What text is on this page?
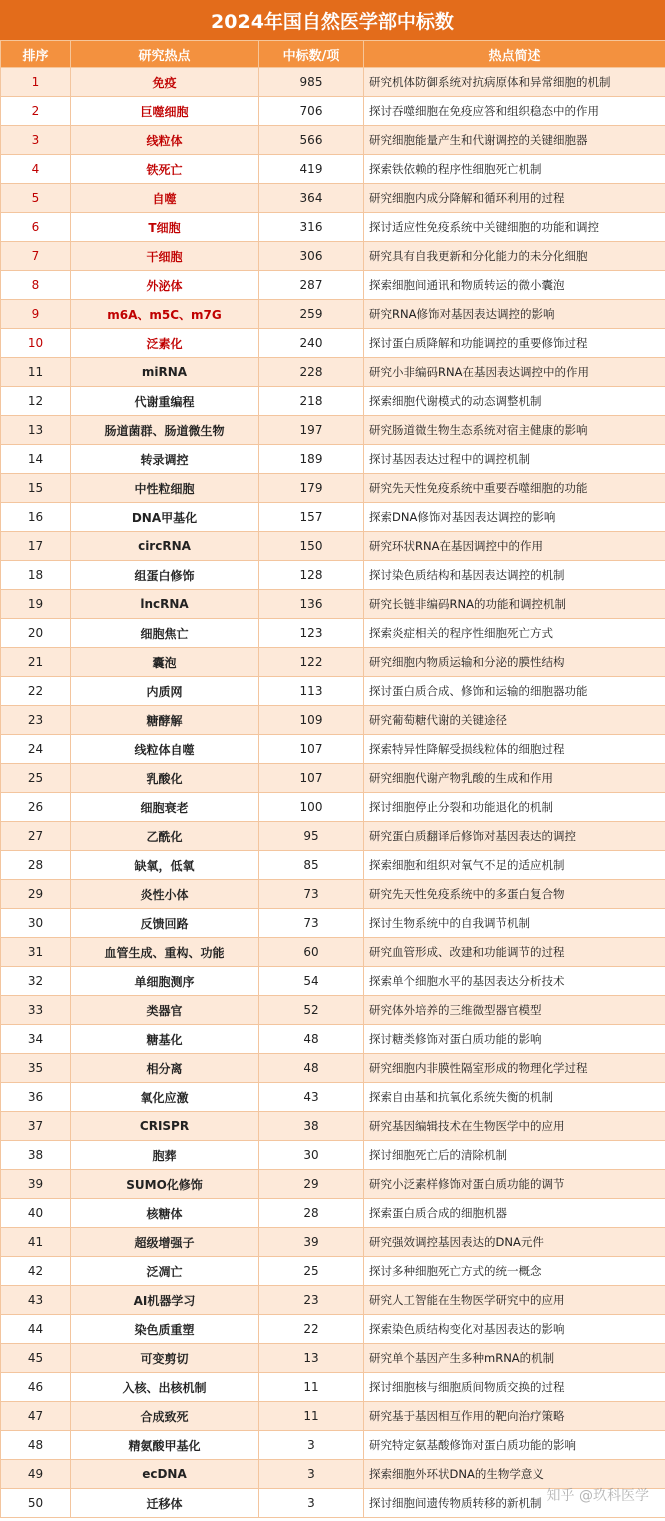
2024年国自然医学部中标数
排序	研究热点	中标数/项	热点简述
1	免疫	985	研究机体防御系统对抗病原体和异常细胞的机制
2	巨噬细胞	706	探讨吞噬细胞在免疫应答和组织稳态中的作用
3	线粒体	566	研究细胞能量产生和代谢调控的关键细胞器
4	铁死亡	419	探索铁依赖的程序性细胞死亡机制
5	自噬	364	研究细胞内成分降解和循环利用的过程
6	T细胞	316	探讨适应性免疫系统中关键细胞的功能和调控
7	干细胞	306	研究具有自我更新和分化能力的未分化细胞
8	外泌体	287	探索细胞间通讯和物质转运的微小囊泡
9	m6A、m5C、m7G	259	研究RNA修饰对基因表达调控的影响
10	泛素化	240	探讨蛋白质降解和功能调控的重要修饰过程
11	miRNA	228	研究小非编码RNA在基因表达调控中的作用
12	代谢重编程	218	探索细胞代谢模式的动态调整机制
13	肠道菌群、肠道微生物	197	研究肠道微生物生态系统对宿主健康的影响
14	转录调控	189	探讨基因表达过程中的调控机制
15	中性粒细胞	179	研究先天性免疫系统中重要吞噬细胞的功能
16	DNA甲基化	157	探索DNA修饰对基因表达调控的影响
17	circRNA	150	研究环状RNA在基因调控中的作用
18	组蛋白修饰	128	探讨染色质结构和基因表达调控的机制
19	lncRNA	136	研究长链非编码RNA的功能和调控机制
20	细胞焦亡	123	探索炎症相关的程序性细胞死亡方式
21	囊泡	122	研究细胞内物质运输和分泌的膜性结构
22	内质网	113	探讨蛋白质合成、修饰和运输的细胞器功能
23	糖酵解	109	研究葡萄糖代谢的关键途径
24	线粒体自噬	107	探索特异性降解受损线粒体的细胞过程
25	乳酸化	107	研究细胞代谢产物乳酸的生成和作用
26	细胞衰老	100	探讨细胞停止分裂和功能退化的机制
27	乙酰化	95	研究蛋白质翻译后修饰对基因表达的调控
28	缺氧，低氧	85	探索细胞和组织对氧气不足的适应机制
29	炎性小体	73	研究先天性免疫系统中的多蛋白复合物
30	反馈回路	73	探讨生物系统中的自我调节机制
31	血管生成、重构、功能	60	研究血管形成、改建和功能调节的过程
32	单细胞测序	54	探索单个细胞水平的基因表达分析技术
33	类器官	52	研究体外培养的三维微型器官模型
34	糖基化	48	探讨糖类修饰对蛋白质功能的影响
35	相分离	48	研究细胞内非膜性隔室形成的物理化学过程
36	氧化应激	43	探索自由基和抗氧化系统失衡的机制
37	CRISPR	38	研究基因编辑技术在生物医学中的应用
38	胞葬	30	探讨细胞死亡后的清除机制
39	SUMO化修饰	29	研究小泛素样修饰对蛋白质功能的调节
40	核糖体	28	探索蛋白质合成的细胞机器
41	超级增强子	39	研究强效调控基因表达的DNA元件
42	泛凋亡	25	探讨多种细胞死亡方式的统一概念
43	AI机器学习	23	研究人工智能在生物医学研究中的应用
44	染色质重塑	22	探索染色质结构变化对基因表达的影响
45	可变剪切	13	研究单个基因产生多种mRNA的机制
46	入核、出核机制	11	探讨细胞核与细胞质间物质交换的过程
47	合成致死	11	研究基于基因相互作用的靶向治疗策略
48	精氨酸甲基化	3	研究特定氨基酸修饰对蛋白质功能的影响
49	ecDNA	3	探索细胞外环状DNA的生物学意义
50	迁移体	3	探讨细胞间遗传物质转移的新机制 知乎 @玖科医学
